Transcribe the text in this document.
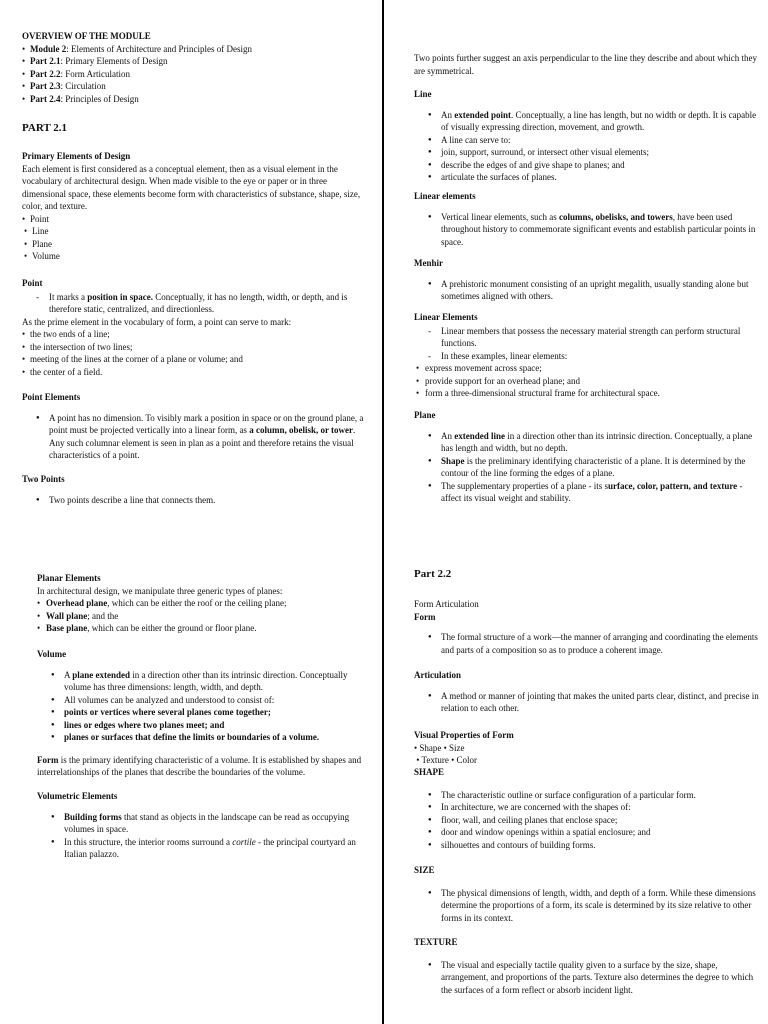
OVERVIEW OF THE MODULE

• Module 2: Elements of Architecture and Principles of Design
• Part 2.1: Primary Elements of Design
• Part 2.2: Form Articulation
• Part 2.3: Circulation
• Part 2.4: Principles of Design
PART 2.1

Primary Elements of Design

Each element is first considered as a conceptual element, then as a visual element in the vocabulary of architectural design. When made visible to the eye or paper or in three dimensional space, these elements become form with characteristics of substance, shape, size, color, and texture.

• Point
• Line
• Plane
• Volume

Point

- It marks a position in space. Conceptually, it has no length, width, or depth, and is therefore static, centralized, and directionless.

As the prime element in the vocabulary of form, a point can serve to mark:

• the two ends of a line;
• the intersection of two lines;
• meeting of the lines at the corner of a plane or volume; and
• the center of a field.

Point Elements

● A point has no dimension. To visibly mark a position in space or on the ground plane, a point must be projected vertically into a linear form, as a column, obelisk, or tower. Any such columnar element is seen in plan as a point and therefore retains the visual characteristics of a point.

Two Points

● Two points describe a line that connects them.

Planar Elements

In architectural design, we manipulate three generic types of planes:

• Overhead plane, which can be either the roof or the ceiling plane;
• Wall plane; and the
• Base plane, which can be either the ground or floor plane.

Volume

● A plane extended in a direction other than its intrinsic direction. Conceptually volume has three dimensions: length, width, and depth.
● All volumes can be analyzed and understood to consist of:
● points or vertices where several planes come together;
● lines or edges where two planes meet; and
● planes or surfaces that define the limits or boundaries of a volume.

Form is the primary identifying characteristic of a volume. It is established by shapes and interrelationships of the planes that describe the boundaries of the volume.

Volumetric Elements

● Building forms that stand as objects in the landscape can be read as occupying volumes in space.
● In this structure, the interior rooms surround a cortile - the principal courtyard an Italian palazzo.

Two points further suggest an axis perpendicular to the line they describe and about which they are symmetrical.

Line

● An extended point. Conceptually, a line has length, but no width or depth. It is capable of visually expressing direction, movement, and growth.
● A line can serve to:
● join, support, surround, or intersect other visual elements;
● describe the edges of and give shape to planes; and
● articulate the surfaces of planes.

Linear elements

● Vertical linear elements, such as columns, obelisks, and towers, have been used throughout history to commemorate significant events and establish particular points in space.

Menhir

● A prehistoric monument consisting of an upright megalith, usually standing alone but sometimes aligned with others.

Linear Elements

- Linear members that possess the necessary material strength can perform structural functions.
- In these examples, linear elements:
• express movement across space;
• provide support for an overhead plane; and
• form a three-dimensional structural frame for architectural space.

Plane

● An extended line in a direction other than its intrinsic direction. Conceptually, a plane has length and width, but no depth.
● Shape is the preliminary identifying characteristic of a plane. It is determined by the contour of the line forming the edges of a plane.
● The supplementary properties of a plane - its surface, color, pattern, and texture - affect its visual weight and stability.
Part 2.2

Form Articulation

Form

● The formal structure of a work—the manner of arranging and coordinating the elements and parts of a composition so as to produce a coherent image.

Articulation

● A method or manner of jointing that makes the united parts clear, distinct, and precise in relation to each other.

Visual Properties of Form

• Shape • Size

• Texture • Color

SHAPE

● The characteristic outline or surface configuration of a particular form.
● In architecture, we are concerned with the shapes of:
● floor, wall, and ceiling planes that enclose space;
● door and window openings within a spatial enclosure; and
● silhouettes and contours of building forms.

SIZE

● The physical dimensions of length, width, and depth of a form. While these dimensions determine the proportions of a form, its scale is determined by its size relative to other forms in its context.

TEXTURE

● The visual and especially tactile quality given to a surface by the size, shape, arrangement, and proportions of the parts. Texture also determines the degree to which the surfaces of a form reflect or absorb incident light.
